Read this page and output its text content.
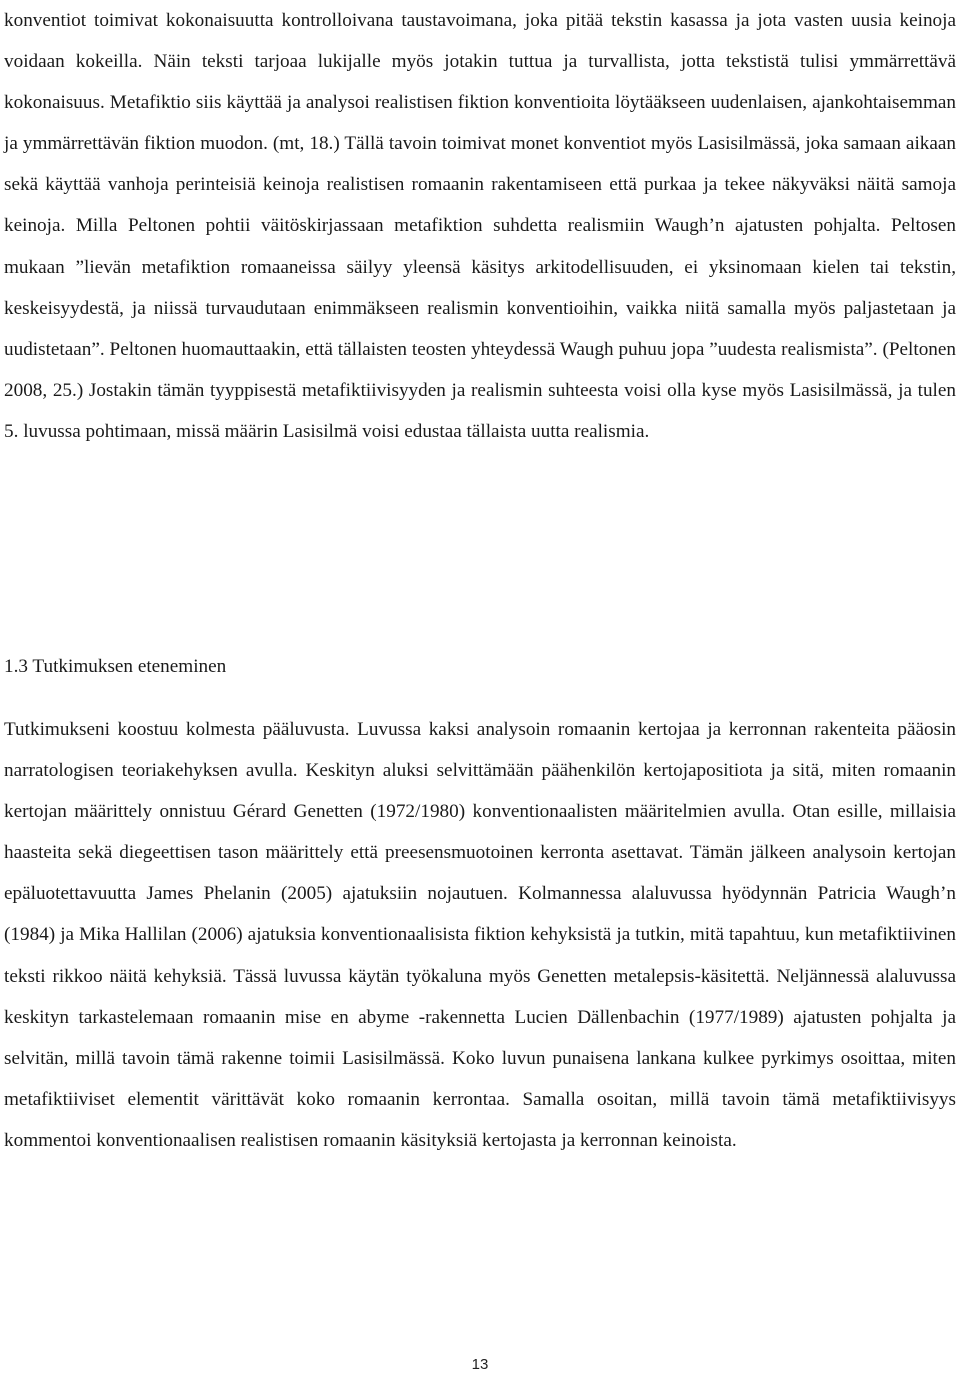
konventiot toimivat kokonaisuutta kontrolloivana taustavoimana, joka pitää tekstin kasassa ja jota vasten uusia keinoja voidaan kokeilla. Näin teksti tarjoaa lukijalle myös jotakin tuttua ja turvallista, jotta tekstistä tulisi ymmärrettävä kokonaisuus. Metafiktio siis käyttää ja analysoi realistisen fiktion konventioita löytääkseen uudenlaisen, ajankohtaisemman ja ymmärrettävän fiktion muodon. (mt, 18.) Tällä tavoin toimivat monet konventiot myös Lasisilmässä, joka samaan aikaan sekä käyttää vanhoja perinteisiä keinoja realistisen romaanin rakentamiseen että purkaa ja tekee näkyväksi näitä samoja keinoja. Milla Peltonen pohtii väitöskirjassaan metafiktion suhdetta realismiin Waugh’n ajatusten pohjalta. Peltosen mukaan ”lievän metafiktion romaaneissa säilyy yleensä käsitys arkitodellisuuden, ei yksinomaan kielen tai tekstin, keskeisyydestä, ja niissä turvaudutaan enimmäkseen realismin konventioihin, vaikka niitä samalla myös paljastetaan ja uudistetaan”. Peltonen huomauttaakin, että tällaisten teosten yhteydessä Waugh puhuu jopa ”uudesta realismista”. (Peltonen 2008, 25.) Jostakin tämän tyyppisestä metafiktiivisyyden ja realismin suhteesta voisi olla kyse myös Lasisilmässä, ja tulen 5. luvussa pohtimaan, missä määrin Lasisilmä voisi edustaa tällaista uutta realismia.

1.3 Tutkimuksen eteneminen

Tutkimukseni koostuu kolmesta pääluvusta. Luvussa kaksi analysoin romaanin kertojaa ja kerronnan rakenteita pääosin narratologisen teoriakehyksen avulla. Keskityn aluksi selvittämään päähenkilön kertojapositiota ja sitä, miten romaanin kertojan määrittely onnistuu Gérard Genetten (1972/1980) konventionaalisten määritelmien avulla. Otan esille, millaisia haasteita sekä diegeettisen tason määrittely että preesensmuotoinen kerronta asettavat. Tämän jälkeen analysoin kertojan epäluotettavuutta James Phelanin (2005) ajatuksiin nojautuen. Kolmannessa alaluvussa hyödynnän Patricia Waugh’n (1984) ja Mika Hallilan (2006) ajatuksia konventionaalisista fiktion kehyksistä ja tutkin, mitä tapahtuu, kun metafiktiivinen teksti rikkoo näitä kehyksiä. Tässä luvussa käytän työkaluna myös Genetten metalepsis-käsitettä. Neljännessä alaluvussa keskityn tarkastelemaan romaanin mise en abyme -rakennetta Lucien Dällenbachin (1977/1989) ajatusten pohjalta ja selvitän, millä tavoin tämä rakenne toimii Lasisilmässä. Koko luvun punaisena lankana kulkee pyrkimys osoittaa, miten metafiktiiviset elementit värittävät koko romaanin kerrontaa. Samalla osoitan, millä tavoin tämä metafiktiivisyys kommentoi konventionaalisen realistisen romaanin käsityksiä kertojasta ja kerronnan keinoista.

13
